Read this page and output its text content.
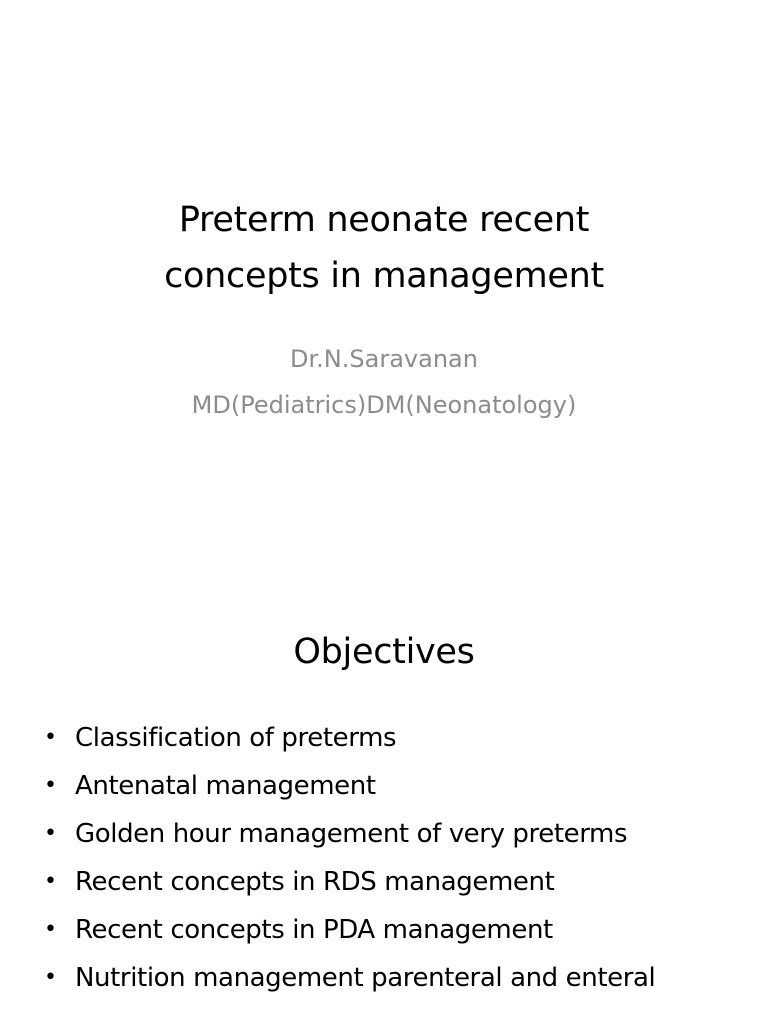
Preterm neonate recent
concepts in management
Dr.N.Saravanan
MD(Pediatrics)DM(Neonatology)
Objectives
• Classification of preterms
• Antenatal management
• Golden hour management of very preterms
• Recent concepts in RDS management
• Recent concepts in PDA management
• Nutrition management parenteral and enteral
